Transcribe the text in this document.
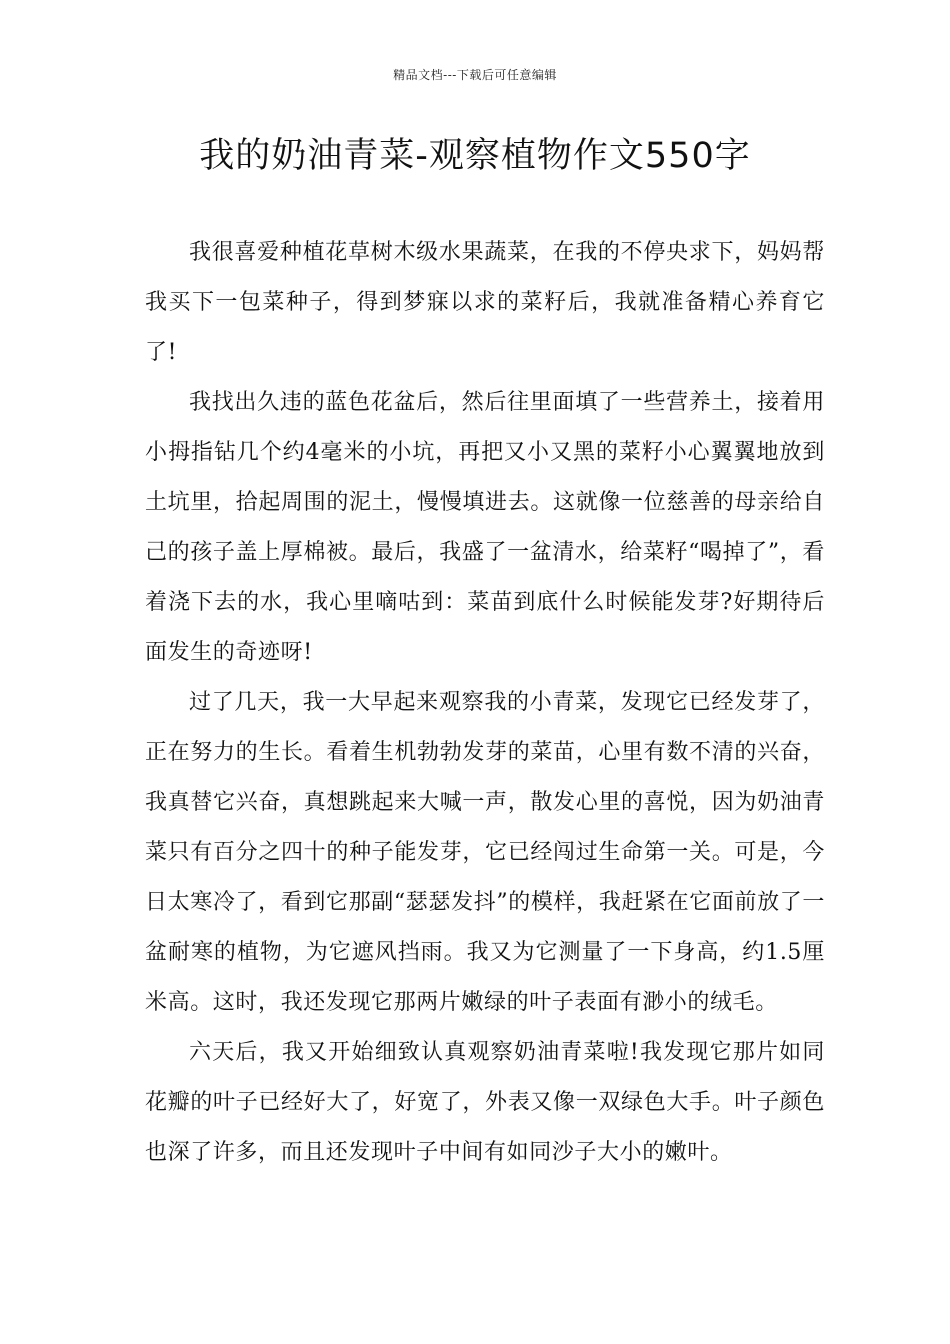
精品文档---下载后可任意编辑
我的奶油青菜-观察植物作文550字

我很喜爱种植花草树木级水果蔬菜，在我的不停央求下，妈妈帮我买下一包菜种子，得到梦寐以求的菜籽后，我就准备精心养育它了!

我找出久违的蓝色花盆后，然后往里面填了一些营养土，接着用小拇指钻几个约4毫米的小坑，再把又小又黑的菜籽小心翼翼地放到土坑里，拾起周围的泥土，慢慢填进去。这就像一位慈善的母亲给自己的孩子盖上厚棉被。最后，我盛了一盆清水，给菜籽“喝掉了”，看着浇下去的水，我心里嘀咕到：菜苗到底什么时候能发芽?好期待后面发生的奇迹呀!

过了几天，我一大早起来观察我的小青菜，发现它已经发芽了，正在努力的生长。看着生机勃勃发芽的菜苗，心里有数不清的兴奋，我真替它兴奋，真想跳起来大喊一声，散发心里的喜悦，因为奶油青菜只有百分之四十的种子能发芽，它已经闯过生命第一关。可是，今日太寒冷了，看到它那副“瑟瑟发抖”的模样，我赶紧在它面前放了一盆耐寒的植物，为它遮风挡雨。我又为它测量了一下身高，约1.5厘米高。这时，我还发现它那两片嫩绿的叶子表面有渺小的绒毛。

六天后，我又开始细致认真观察奶油青菜啦!我发现它那片如同花瓣的叶子已经好大了，好宽了，外表又像一双绿色大手。叶子颜色也深了许多，而且还发现叶子中间有如同沙子大小的嫩叶。
